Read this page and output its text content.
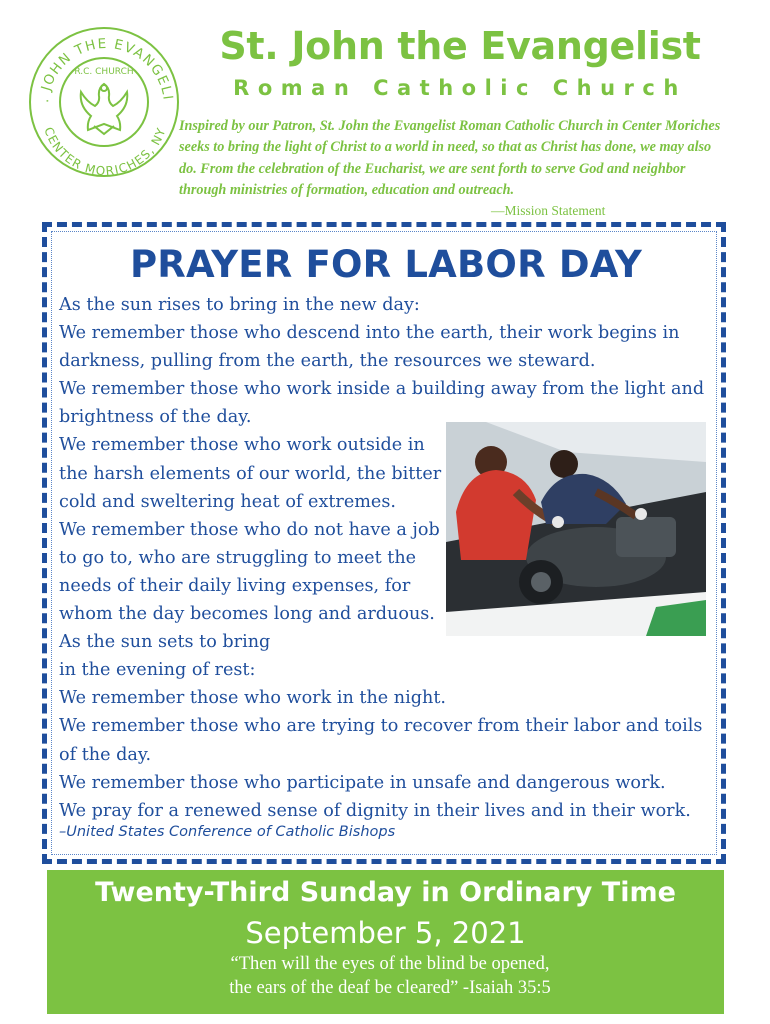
. JOHN THE EVANGELI
CENTER MORICHES, NY
R.C. CHURCH
St. John the Evangelist
Roman Catholic Church
Inspired by our Patron, St. John the Evangelist Roman Catholic Church in Center Moriches seeks to bring the light of Christ to a world in need, so that as Christ has done, we may also do. From the celebration of the Eucharist, we are sent forth to serve God and neighbor through ministries of formation, education and outreach.
—Mission Statement
PRAYER FOR LABOR DAY
As the sun rises to bring in the new day:
We remember those who descend into the earth, their work begins in
darkness, pulling from the earth, the resources we steward.
We remember those who work inside a building away from the light and
brightness of the day.
We remember those who work outside in
the harsh elements of our world, the bitter
cold and sweltering heat of extremes.
We remember those who do not have a job
to go to, who are struggling to meet the
needs of their daily living expenses, for
whom the day becomes long and arduous.
As the sun sets to bring
in the evening of rest:
We remember those who work in the night.
We remember those who are trying to recover from their labor and toils
of the day.
We remember those who participate in unsafe and dangerous work.
We pray for a renewed sense of dignity in their lives and in their work.
–United States Conference of Catholic Bishops
Twenty-Third Sunday in Ordinary Time
September 5, 2021
“Then will the eyes of the blind be opened,
the ears of the deaf be cleared” -Isaiah 35:5
